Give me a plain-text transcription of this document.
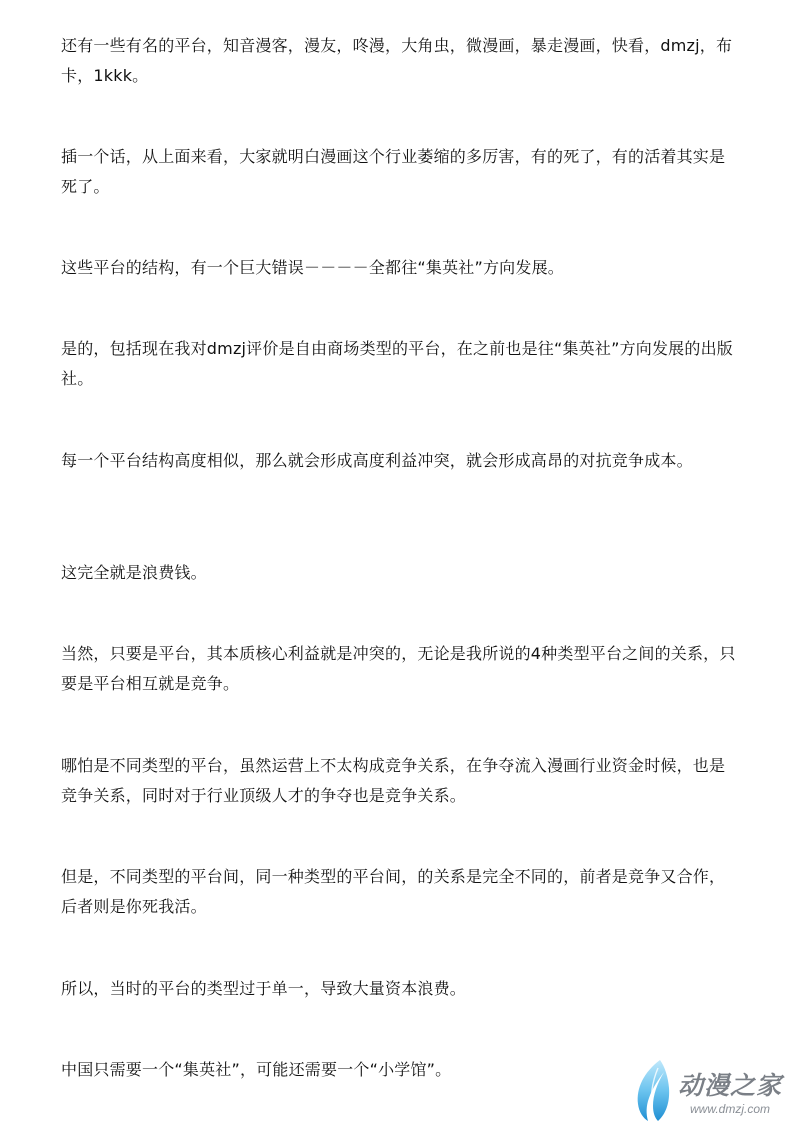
还有一些有名的平台，知音漫客，漫友，咚漫，大角虫，微漫画，暴走漫画，快看，dmzj，布卡，1kkk。
插一个话，从上面来看，大家就明白漫画这个行业萎缩的多厉害，有的死了，有的活着其实是死了。
这些平台的结构，有一个巨大错误－－－－全都往“集英社”方向发展。
是的，包括现在我对dmzj评价是自由商场类型的平台，在之前也是往“集英社”方向发展的出版社。
每一个平台结构高度相似，那么就会形成高度利益冲突，就会形成高昂的对抗竞争成本。
这完全就是浪费钱。
当然，只要是平台，其本质核心利益就是冲突的，无论是我所说的4种类型平台之间的关系，只要是平台相互就是竞争。
哪怕是不同类型的平台，虽然运营上不太构成竞争关系，在争夺流入漫画行业资金时候，也是竞争关系，同时对于行业顶级人才的争夺也是竞争关系。
但是，不同类型的平台间，同一种类型的平台间，的关系是完全不同的，前者是竞争又合作，后者则是你死我活。
所以，当时的平台的类型过于单一，导致大量资本浪费。
中国只需要一个“集英社”，可能还需要一个“小学馆”。
动漫之家
www.dmzj.com
